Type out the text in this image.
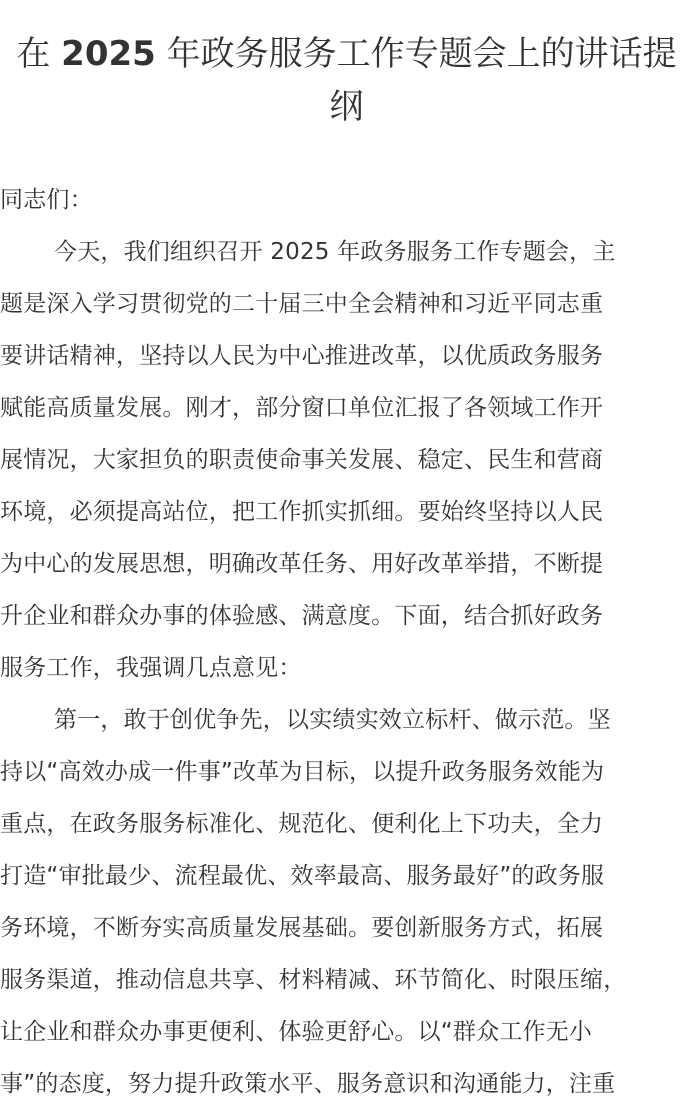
在 2025 年政务服务工作专题会上的讲话提
纲
同志们：
今天，我们组织召开 2025 年政务服务工作专题会，主
题是深入学习贯彻党的二十届三中全会精神和习近平同志重
要讲话精神，坚持以人民为中心推进改革，以优质政务服务
赋能高质量发展。刚才，部分窗口单位汇报了各领域工作开
展情况，大家担负的职责使命事关发展、稳定、民生和营商
环境，必须提高站位，把工作抓实抓细。要始终坚持以人民
为中心的发展思想，明确改革任务、用好改革举措，不断提
升企业和群众办事的体验感、满意度。下面，结合抓好政务
服务工作，我强调几点意见：
第一，敢于创优争先，以实绩实效立标杆、做示范。坚
持以“高效办成一件事”改革为目标，以提升政务服务效能为
重点，在政务服务标准化、规范化、便利化上下功夫，全力
打造“审批最少、流程最优、效率最高、服务最好”的政务服
务环境，不断夯实高质量发展基础。要创新服务方式，拓展
服务渠道，推动信息共享、材料精减、环节简化、时限压缩，
让企业和群众办事更便利、体验更舒心。以“群众工作无小
事”的态度，努力提升政策水平、服务意识和沟通能力，注重
